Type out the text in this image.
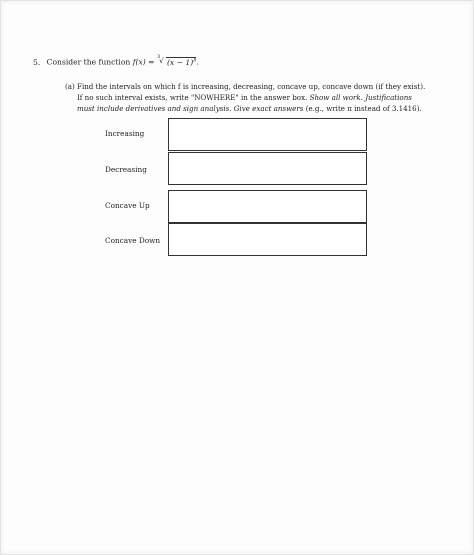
5. Consider the function f(x) =
3
√ $(x - 1)^8$.
(a) Find the intervals on which f is increasing, decreasing, concave up, concave down (if they exist).
If no such interval exists, write "NOWHERE" in the answer box. Show all work. Justifications
must include derivatives and sign analysis. Give exact answers (e.g., write π instead of 3.1416).
Increasing
Decreasing
Concave Up
Concave Down
